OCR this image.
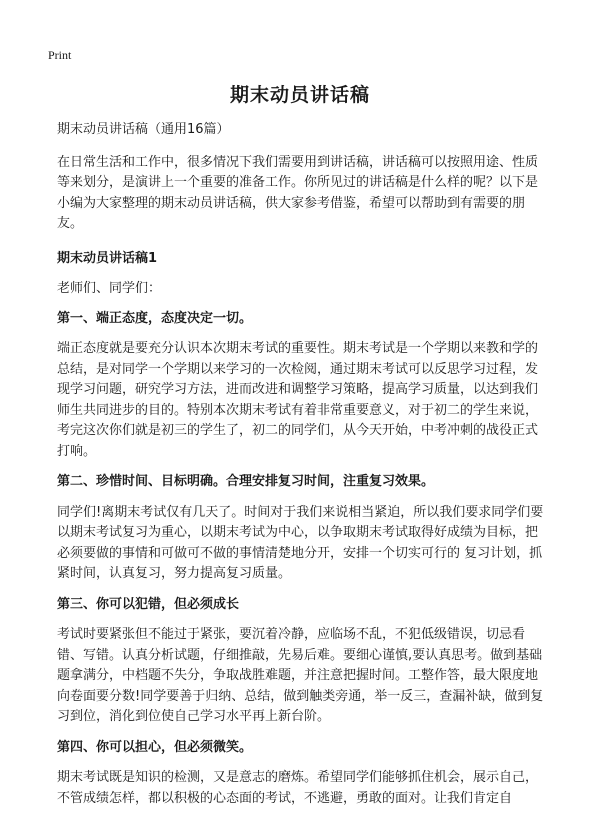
Print
期末动员讲话稿

期末动员讲话稿（通用16篇）

在日常生活和工作中，很多情况下我们需要用到讲话稿，讲话稿可以按照用途、性质等来划分，是演讲上一个重要的准备工作。你所见过的讲话稿是什么样的呢？以下是小编为大家整理的期末动员讲话稿，供大家参考借鉴，希望可以帮助到有需要的朋友。

期末动员讲话稿1

老师们、同学们：

第一、端正态度，态度决定一切。

端正态度就是要充分认识本次期末考试的重要性。期末考试是一个学期以来教和学的总结，是对同学一个学期以来学习的一次检阅，通过期末考试可以反思学习过程，发现学习问题，研究学习方法，进而改进和调整学习策略，提高学习质量，以达到我们师生共同进步的目的。特别本次期末考试有着非常重要意义，对于初二的学生来说，考完这次你们就是初三的学生了，初二的同学们，从今天开始，中考冲刺的战役正式打响。

第二、珍惜时间、目标明确。合理安排复习时间，注重复习效果。

同学们!离期末考试仅有几天了。时间对于我们来说相当紧迫，所以我们要求同学们要以期末考试复习为重心，以期末考试为中心，以争取期末考试取得好成绩为目标，把必须要做的事情和可做可不做的事情清楚地分开，安排一个切实可行的 复习计划，抓紧时间，认真复习，努力提高复习质量。

第三、你可以犯错，但必须成长

考试时要紧张但不能过于紧张，要沉着冷静，应临场不乱，不犯低级错误，切忌看错、写错。认真分析试题，仔细推敲，先易后难。要细心谨慎,要认真思考。做到基础题拿满分，中档题不失分，争取战胜难题，并注意把握时间。工整作答，最大限度地向卷面要分数!同学要善于归纳、总结，做到触类旁通，举一反三，查漏补缺，做到复习到位，消化到位使自己学习水平再上新台阶。

第四、你可以担心，但必须微笑。

期末考试既是知识的检测，又是意志的磨炼。希望同学们能够抓住机会，展示自己，不管成绩怎样，都以积极的心态面的考试，不逃避，勇敢的面对。让我们肯定自
